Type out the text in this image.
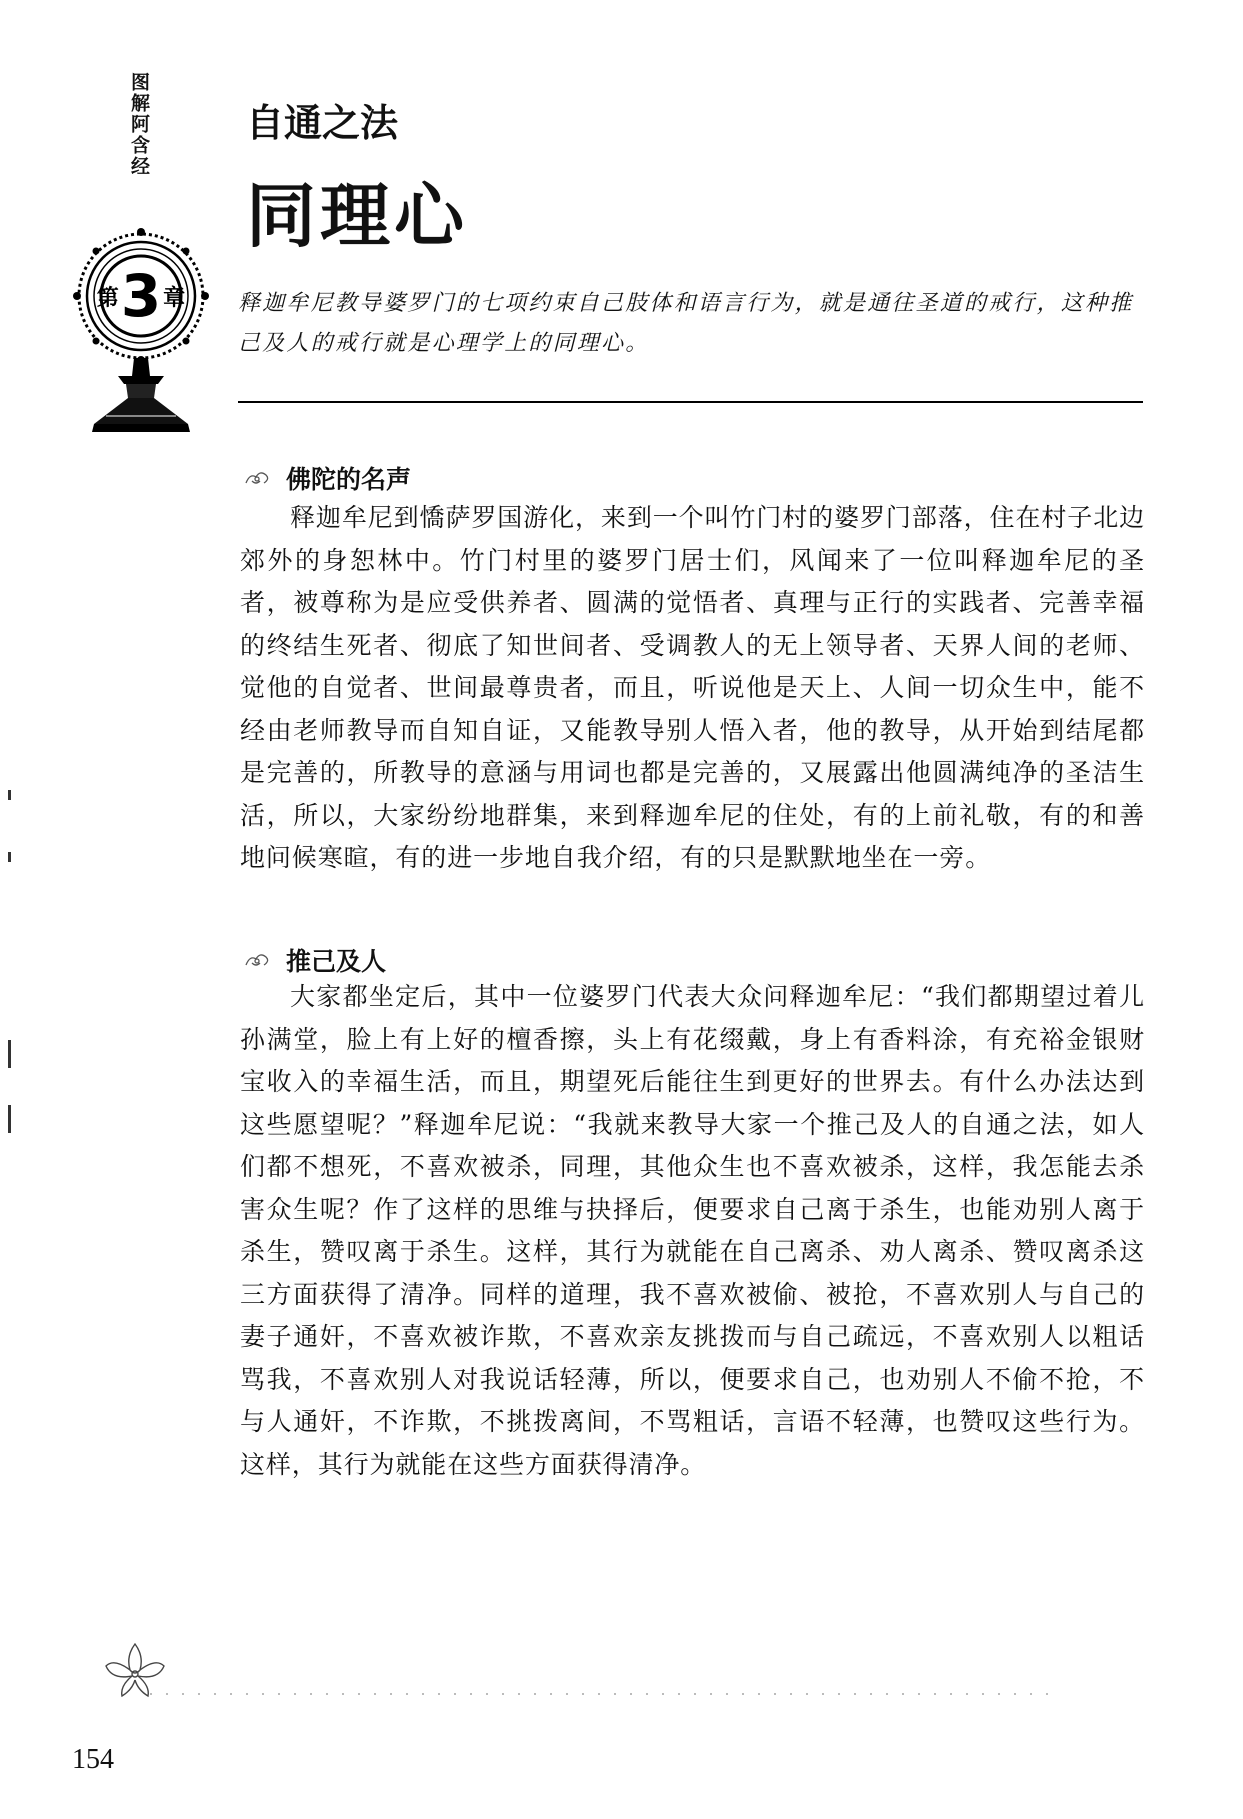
图解阿含经
第 3 章
自通之法
同理心
释迦牟尼教导婆罗门的七项约束自己肢体和语言行为，就是通往圣道的戒行，这种推己及人的戒行就是心理学上的同理心。
佛陀的名声

释迦牟尼到憍萨罗国游化，来到一个叫竹门村的婆罗门部落，住在村子北边郊外的身恕林中。竹门村里的婆罗门居士们，风闻来了一位叫释迦牟尼的圣者，被尊称为是应受供养者、圆满的觉悟者、真理与正行的实践者、完善幸福的终结生死者、彻底了知世间者、受调教人的无上领导者、天界人间的老师、觉他的自觉者、世间最尊贵者，而且，听说他是天上、人间一切众生中，能不经由老师教导而自知自证，又能教导别人悟入者，他的教导，从开始到结尾都是完善的，所教导的意涵与用词也都是完善的，又展露出他圆满纯净的圣洁生活，所以，大家纷纷地群集，来到释迦牟尼的住处，有的上前礼敬，有的和善地问候寒暄，有的进一步地自我介绍，有的只是默默地坐在一旁。

推己及人

大家都坐定后，其中一位婆罗门代表大众问释迦牟尼：“我们都期望过着儿孙满堂，脸上有上好的檀香擦，头上有花缀戴，身上有香料涂，有充裕金银财宝收入的幸福生活，而且，期望死后能往生到更好的世界去。有什么办法达到这些愿望呢？”释迦牟尼说：“我就来教导大家一个推己及人的自通之法，如人们都不想死，不喜欢被杀，同理，其他众生也不喜欢被杀，这样，我怎能去杀害众生呢？作了这样的思维与抉择后，便要求自己离于杀生，也能劝别人离于杀生，赞叹离于杀生。这样，其行为就能在自己离杀、劝人离杀、赞叹离杀这三方面获得了清净。同样的道理，我不喜欢被偷、被抢，不喜欢别人与自己的妻子通奸，不喜欢被诈欺，不喜欢亲友挑拨而与自己疏远，不喜欢别人以粗话骂我，不喜欢别人对我说话轻薄，所以，便要求自己，也劝别人不偷不抢，不与人通奸，不诈欺，不挑拨离间，不骂粗话，言语不轻薄，也赞叹这些行为。这样，其行为就能在这些方面获得清净。

154
